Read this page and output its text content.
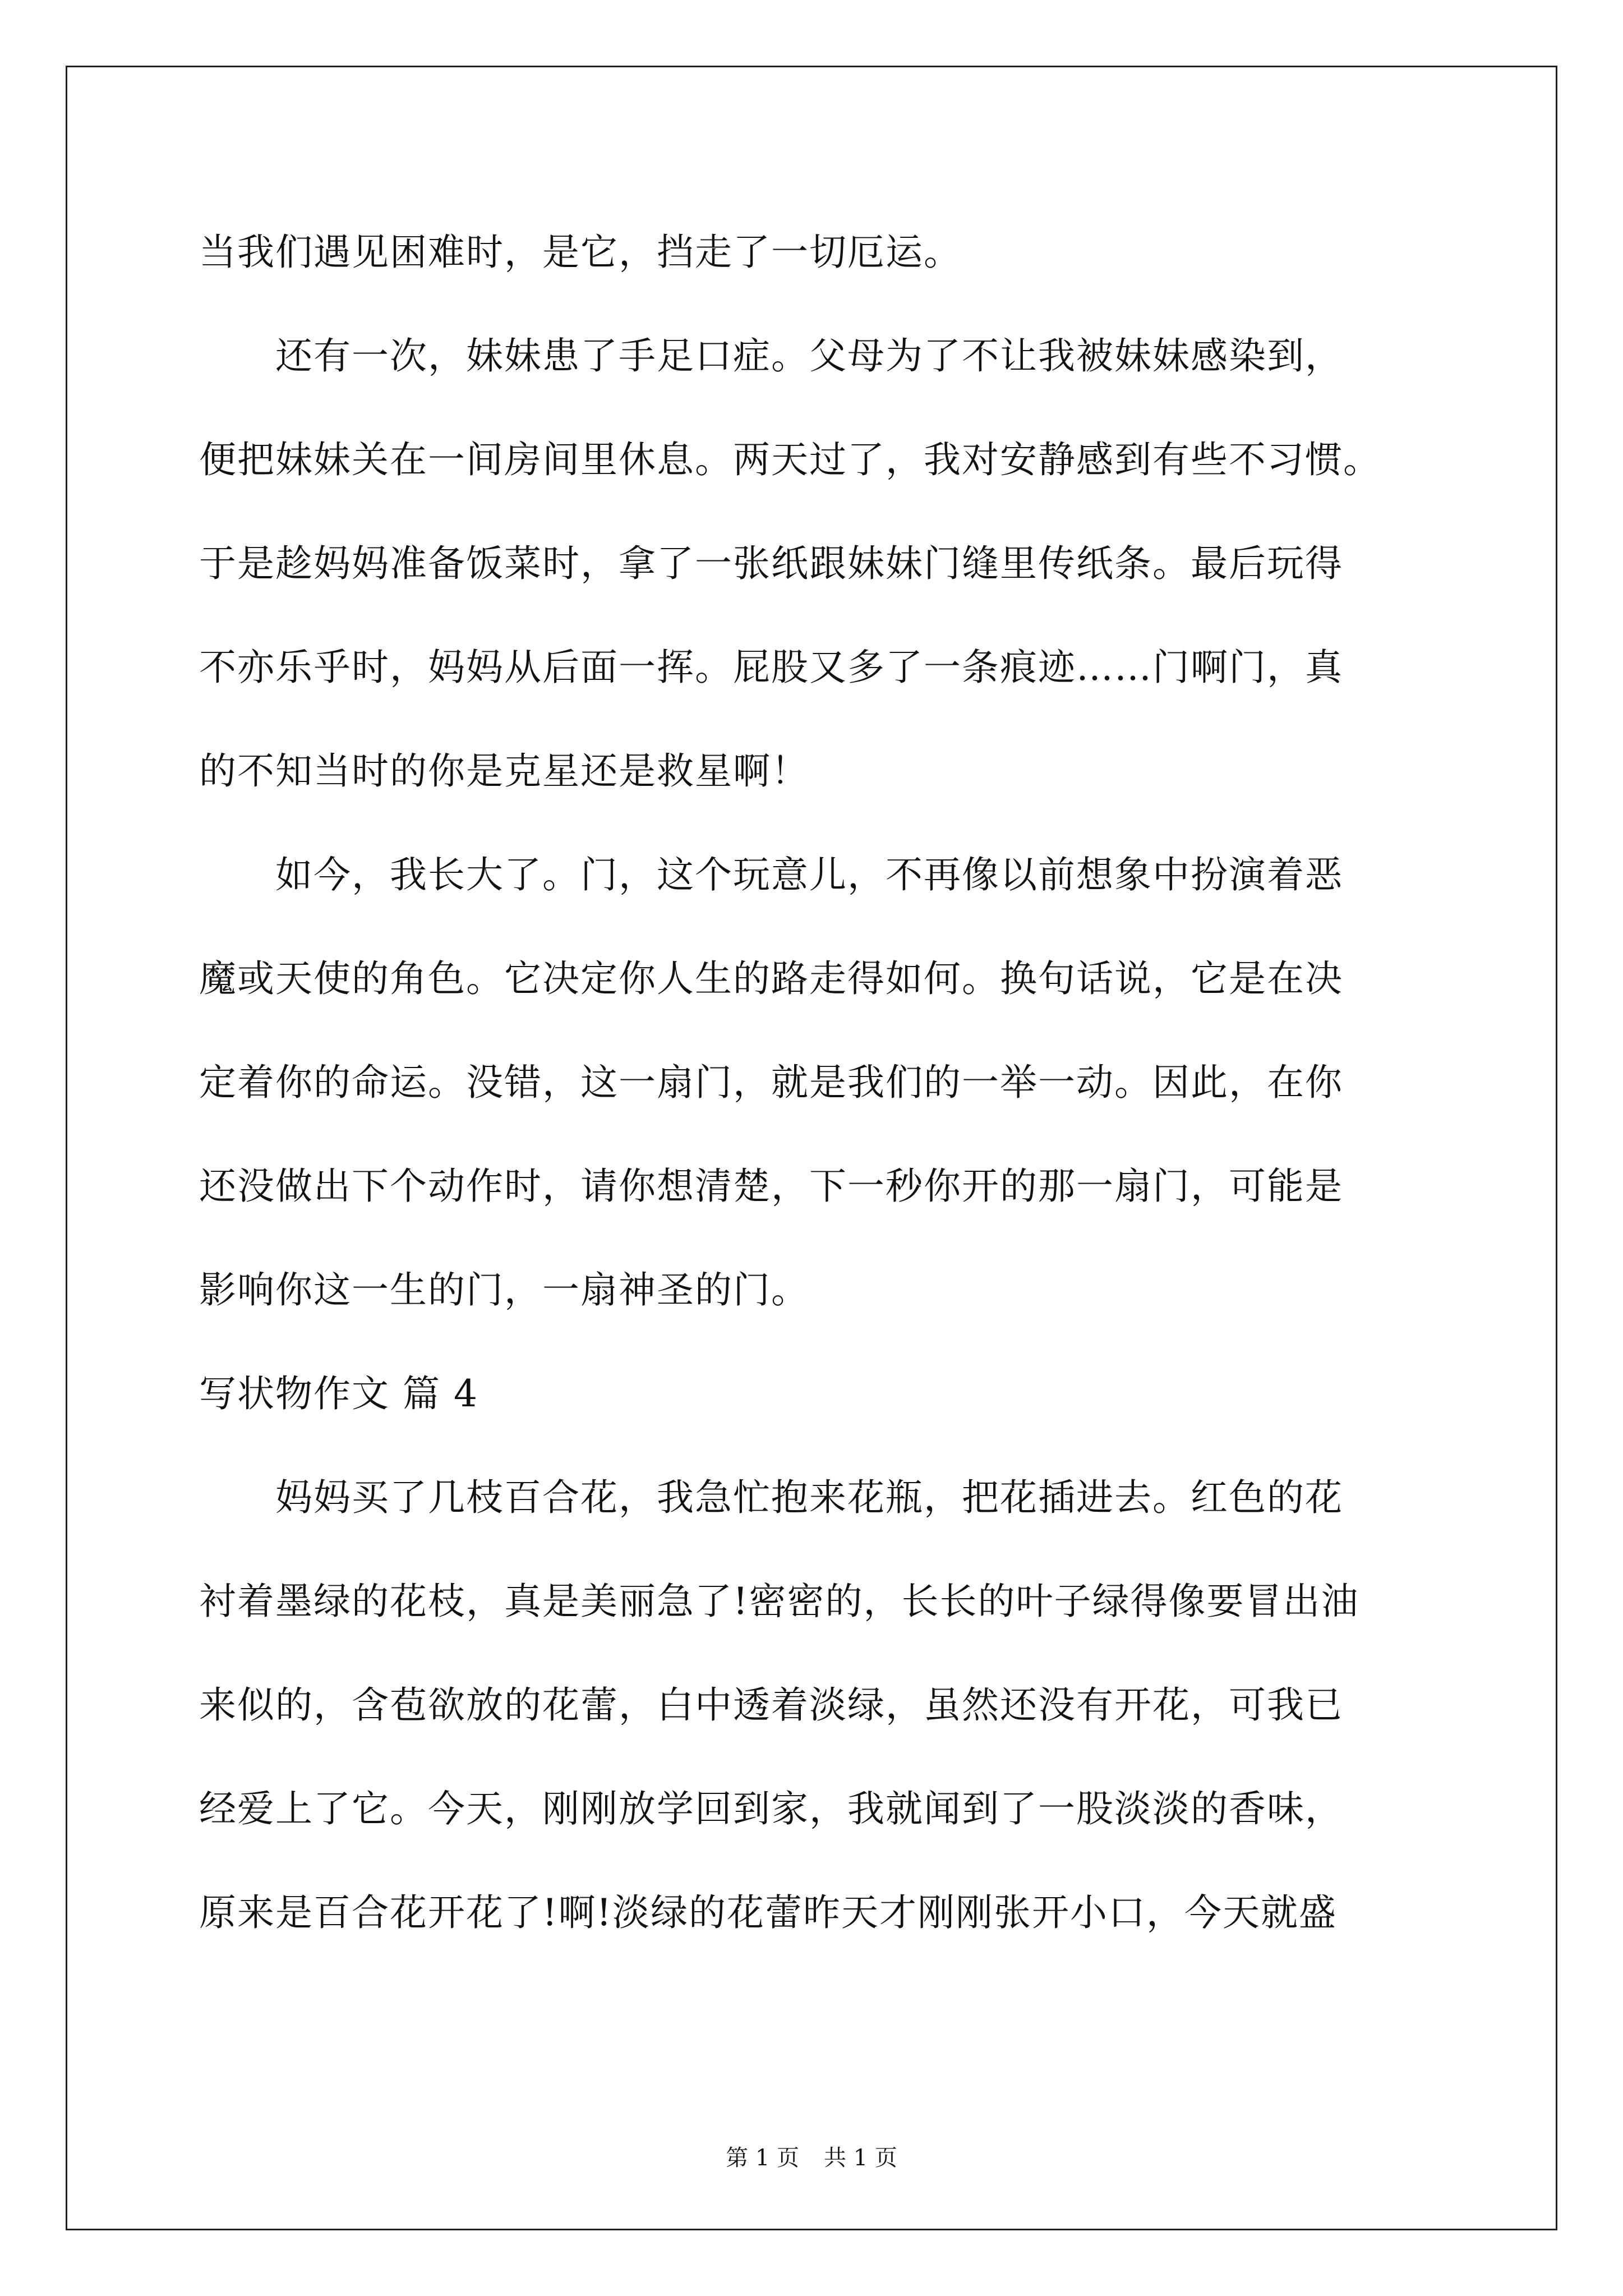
当我们遇见困难时，是它，挡走了一切厄运。
　　还有一次，妹妹患了手足口症。父母为了不让我被妹妹感染到，
便把妹妹关在一间房间里休息。两天过了，我对安静感到有些不习惯。
于是趁妈妈准备饭菜时，拿了一张纸跟妹妹门缝里传纸条。最后玩得
不亦乐乎时，妈妈从后面一挥。屁股又多了一条痕迹……门啊门，真
的不知当时的你是克星还是救星啊！
　　如今，我长大了。门，这个玩意儿，不再像以前想象中扮演着恶
魔或天使的角色。它决定你人生的路走得如何。换句话说，它是在决
定着你的命运。没错，这一扇门，就是我们的一举一动。因此，在你
还没做出下个动作时，请你想清楚，下一秒你开的那一扇门，可能是
影响你这一生的门，一扇神圣的门。
写状物作文 篇 4
　　妈妈买了几枝百合花，我急忙抱来花瓶，把花插进去。红色的花
衬着墨绿的花枝，真是美丽急了!密密的，长长的叶子绿得像要冒出油
来似的，含苞欲放的花蕾，白中透着淡绿，虽然还没有开花，可我已
经爱上了它。今天，刚刚放学回到家，我就闻到了一股淡淡的香味，
原来是百合花开花了!啊!淡绿的花蕾昨天才刚刚张开小口，今天就盛
第 1 页 共 1 页
